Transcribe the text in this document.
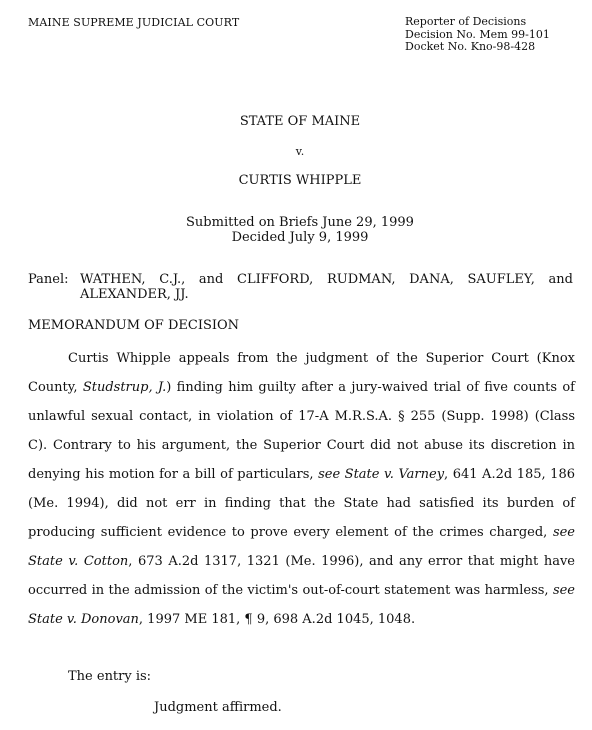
MAINE SUPREME JUDICIAL COURT	Reporter of Decisions
Decision No. Mem 99-101
Docket No. Kno-98-428
STATE OF MAINE
v.
CURTIS WHIPPLE
Submitted on Briefs June 29, 1999
Decided July 9, 1999
Panel: WATHEN, C.J., and CLIFFORD, RUDMAN, DANA, SAUFLEY, and
ALEXANDER, JJ.
MEMORANDUM OF DECISION

Curtis Whipple appeals from the judgment of the Superior Court (Knox County, Studstrup, J.) finding him guilty after a jury-waived trial of five counts of unlawful sexual contact, in violation of 17-A M.R.S.A. § 255 (Supp. 1998) (Class C). Contrary to his argument, the Superior Court did not abuse its discretion in denying his motion for a bill of particulars, see State v. Varney, 641 A.2d 185, 186 (Me. 1994), did not err in finding that the State had satisfied its burden of producing sufficient evidence to prove every element of the crimes charged, see State v. Cotton, 673 A.2d 1317, 1321 (Me. 1996), and any error that might have occurred in the admission of the victim's out-of-court statement was harmless, see State v. Donovan, 1997 ME 181, ¶ 9, 698 A.2d 1045, 1048.

The entry is:
Judgment affirmed.
